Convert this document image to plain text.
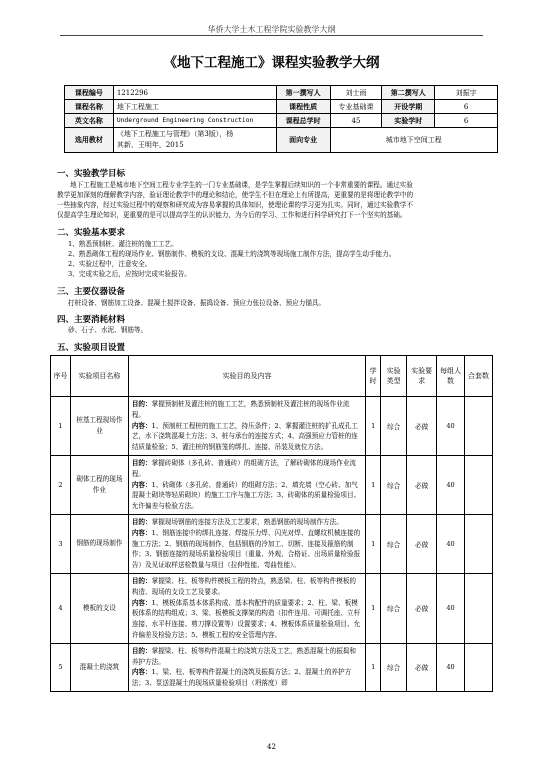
华侨大学土木工程学院实验教学大纲
《地下工程施工》课程实验教学大纲
课程编号	1212296	第一撰写人	刘士雨	第二撰写人	刘振宇
课程名称	地下工程施工	课程性质	专业基础课	开设学期	6
英文名称	Underground Engineering Construction	课程总学时	45	实验学时	6
选用教材	《地下工程施工与管理》（第3版），杨
其新、王明年，2015	面向专业	城市地下空间工程		
一、实验教学目标
地下工程施工是城市地下空间工程专业学生的一门专业基础课，是学生掌握后续知识的一个非常重要的课程。通过实验
教学更加深刻的理解教学内容，验证理论教学中的理论和结论，使学生不但在理论上有所提高，更重要的是将理论教学中的
一些抽象内容，经过实验过程中的观察和研究成为容易掌握的具体知识，使理论课的学习更为扎实。同时，通过实验教学不
仅提高学生理论知识，更重要的是可以提高学生的认识能力，为今后的学习、工作和进行科学研究打下一个坚实的基础。
二、实验基本要求
1、熟悉预制桩、灌注桩的施工工艺。
2、熟悉砌体工程的现场作业、钢筋制作、模板的支设、混凝土的浇筑等现场施工制作方法，提高学生动手能力。
2、实验过程中，注意安全。
3、完成实验之后，应按时完成实验报告。
三、主要仪器设备
打桩设备、钢筋加工设备、混凝土搅拌设备、振捣设备、预应力张拉设备、预应力锚具。
四、主要消耗材料
砂、石子、水泥、钢筋等。
五、实验项目设置
序号	实验项目名称	实验目的及内容	学时	实验类型	实验要求	每组人数	合套数
1	桩基工程现场作业	目的：掌握预制桩及灌注桩的施工工艺，熟悉预制桩及灌注桩的现场作业流程。
内容：1、预制桩工程桩的施工工艺，持压条件；2、掌握灌注桩的扩孔成孔工艺，水下浇筑混凝土方法；3、桩与承台的连接方式；4、高强预应力管桩的连结质量检验；5、灌注桩的钢筋笼的绑扎、连接、吊装及就位方法。	1	综合	必做	40	
2	砌体工程的现场作业	目的：掌握砖砌体（多孔砖、普通砖）的组砌方法，了解砖砌体的现场作业流程。
内容：1、砖砌体（多孔砖、普通砖）的组砌方法；2、填充墙（空心砖、加气混凝土砌块等轻质砌块）的施工工序与施工方法；3、砖砌体的质量检验项目、允许偏差与检验方法。	1	综合	必做	40	
3	钢筋的现场制作	目的：掌握现场钢筋的连接方法及工艺要求，熟悉钢筋的现场制作方法。
内容：1、钢筋连接中的绑扎连接、焊接压力焊、闪光对焊、直螺纹机械连接的施工方法；2、钢筋的现场制作，包括钢筋的冷加工、切断、连接及箍筋的制作；3、钢筋连接的现场质量检验项目（重量、外观、合格证、出场质量检验报告）及见证取样送检数量与项目（拉伸性能、弯曲性能）。	1	综合	必做	40	
4	模板的支设	目的：掌握梁、柱、板等构件模板工程的特点，熟悉梁、柱、板等构件模板的构造、现场的支设工艺及要求。
内容：1、模板体系基本体系构成、基本构配件的质量要求；2、柱、梁、板模板体系的结构组成；3、梁、板模板支撑架的构造（扣件连用、可调托座、立杆连接、水平杆连接、剪刀撑设置等）设置要求；4、模板体系质量检验项目、允许偏差及检验方法；5、模板工程的安全管理内容。	1	综合	必做	40	
5	混凝土的浇筑	目的：掌握梁、柱、板等构件混凝土的浇筑方法及工艺，熟悉混凝土的振捣和养护方法。
内容：1、梁、柱、板等构件混凝土的浇筑及振捣方法；2、混凝土的养护方法；3、泵送混凝土的现场质量检验项目（坍落度）即	1	综合	必做	40	
42
